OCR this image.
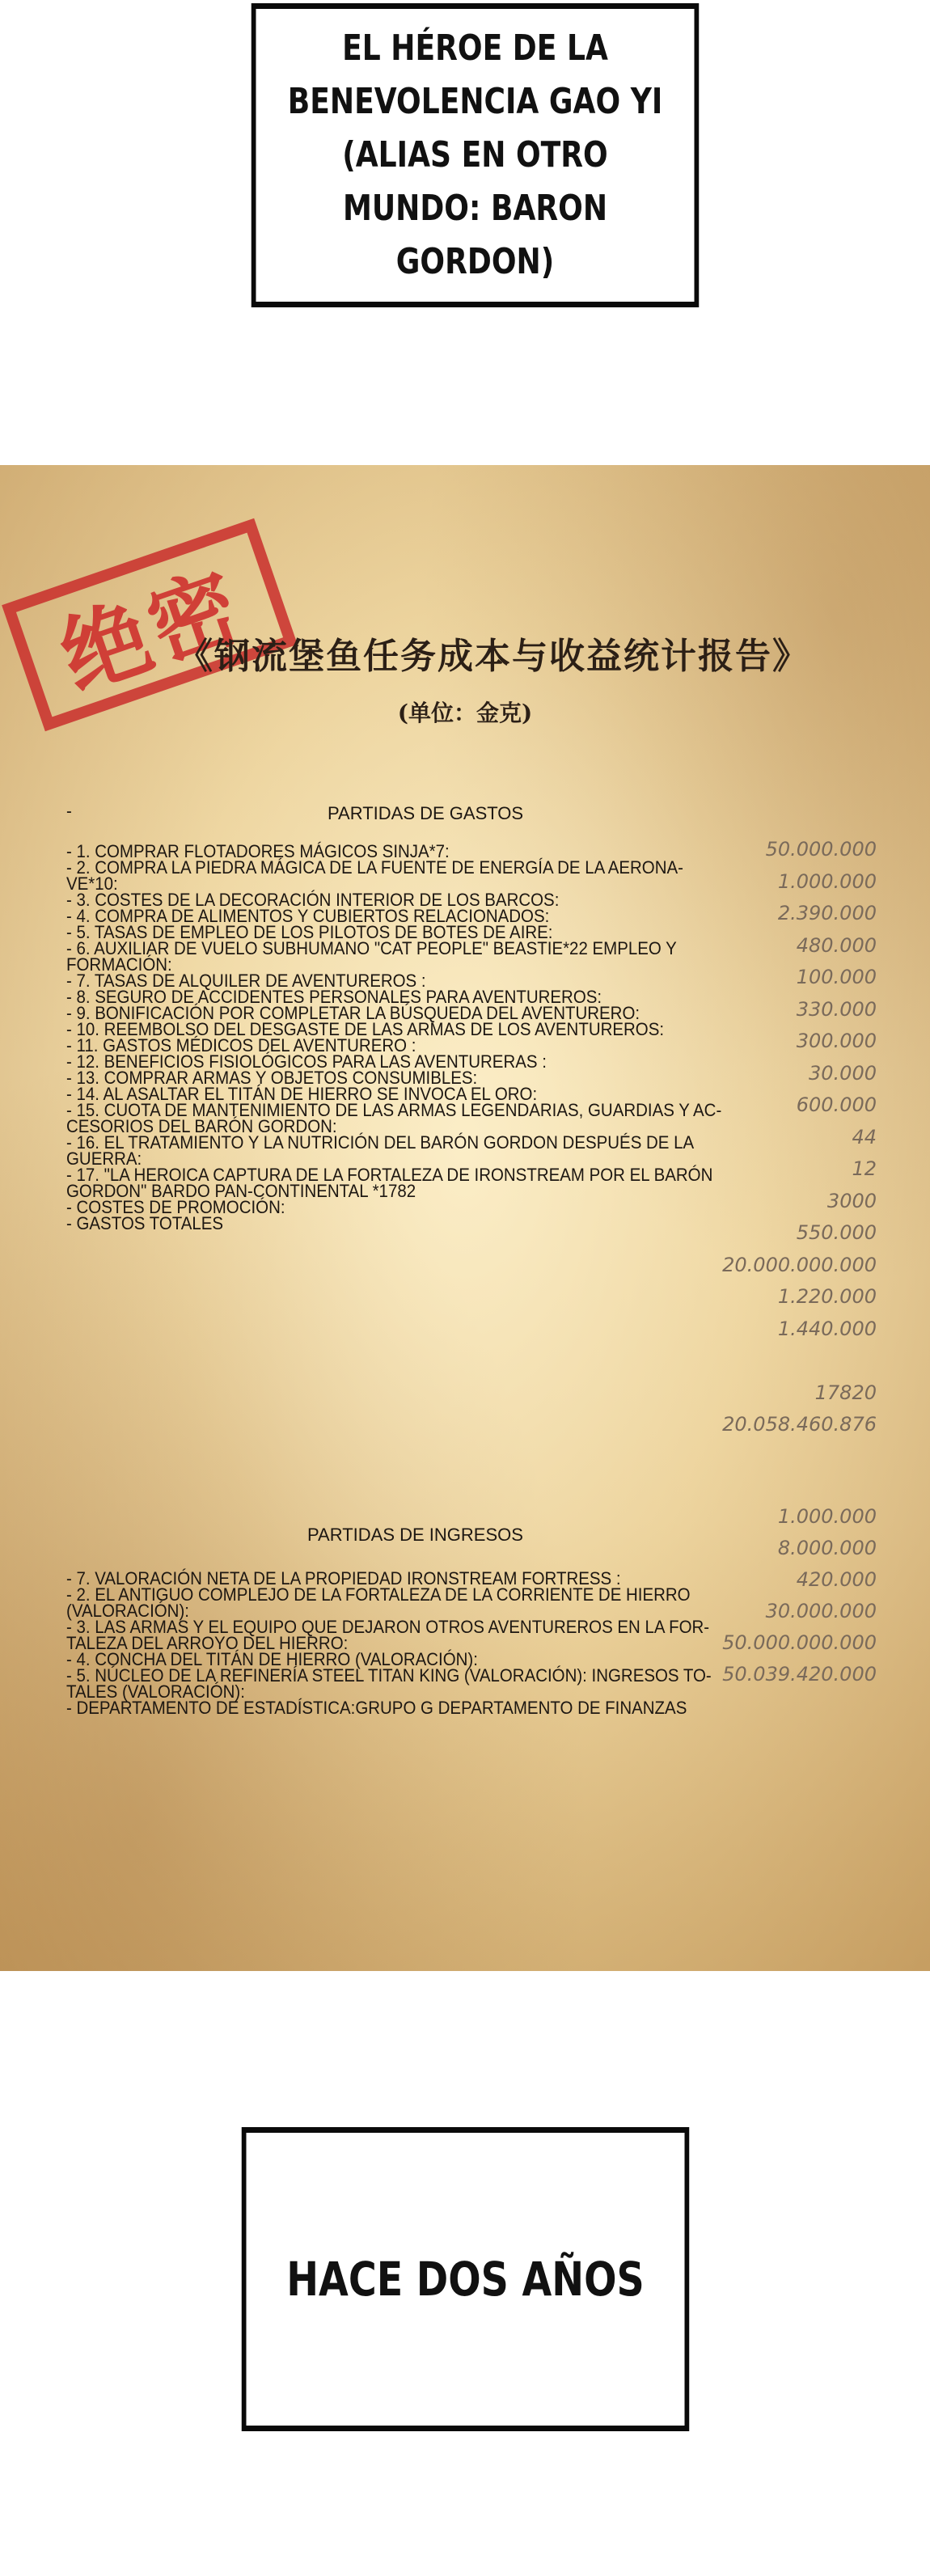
EL HÉROE DE LA BENEVOLENCIA GAO YI
(ALIAS EN OTRO MUNDO: BARON
GORDON)
绝密
《钢流堡鱼任务成本与收益统计报告》
(单位：金克)
PARTIDAS DE GASTOS
-
- 1. COMPRAR FLOTADORES MÁGICOS SINJA*7:
- 2. COMPRA LA PIEDRA MÁGICA DE LA FUENTE DE ENERGÍA DE LA AERONA-
VE*10:
- 3. COSTES DE LA DECORACIÓN INTERIOR DE LOS BARCOS:
- 4. COMPRA DE ALIMENTOS Y CUBIERTOS RELACIONADOS:
- 5. TASAS DE EMPLEO DE LOS PILOTOS DE BOTES DE AIRE:
- 6. AUXILIAR DE VUELO SUBHUMANO "CAT PEOPLE" BEASTIE*22 EMPLEO Y
FORMACIÓN:
- 7. TASAS DE ALQUILER DE AVENTUREROS :
- 8. SEGURO DE ACCIDENTES PERSONALES PARA AVENTUREROS:
- 9. BONIFICACIÓN POR COMPLETAR LA BÚSQUEDA DEL AVENTURERO:
- 10. REEMBOLSO DEL DESGASTE DE LAS ARMAS DE LOS AVENTUREROS:
- 11. GASTOS MÉDICOS DEL AVENTURERO :
- 12. BENEFICIOS FISIOLÓGICOS PARA LAS AVENTURERAS :
- 13. COMPRAR ARMAS Y OBJETOS CONSUMIBLES:
- 14. AL ASALTAR EL TITÁN DE HIERRO SE INVOCA EL ORO:
- 15. CUOTA DE MANTENIMIENTO DE LAS ARMAS LEGENDARIAS, GUARDIAS Y AC-
CESORIOS DEL BARÓN GORDON:
- 16. EL TRATAMIENTO Y LA NUTRICIÓN DEL BARÓN GORDON DESPUÉS DE LA
GUERRA:
- 17. "LA HEROICA CAPTURA DE LA FORTALEZA DE IRONSTREAM POR EL BARÓN
GORDON" BARDO PAN-CONTINENTAL *1782
- COSTES DE PROMOCIÓN:
- GASTOS TOTALES
50.000.000
1.000.000
2.390.000
480.000
100.000
330.000
300.000
30.000
600.000
44
12
3000
550.000
20.000.000.000
1.220.000
1.440.000
17820
20.058.460.876
PARTIDAS DE INGRESOS
- 7. VALORACIÓN NETA DE LA PROPIEDAD IRONSTREAM FORTRESS :
- 2. EL ANTIGUO COMPLEJO DE LA FORTALEZA DE LA CORRIENTE DE HIERRO
(VALORACIÓN):
- 3. LAS ARMAS Y EL EQUIPO QUE DEJARON OTROS AVENTUREROS EN LA FOR-
TALEZA DEL ARROYO DEL HIERRO:
- 4. CONCHA DEL TITÁN DE HIERRO (VALORACIÓN):
- 5. NÚCLEO DE LA REFINERÍA STEEL TITAN KING (VALORACIÓN): INGRESOS TO-
TALES (VALORACIÓN):
- DEPARTAMENTO DE ESTADÍSTICA:GRUPO G DEPARTAMENTO DE FINANZAS
1.000.000
8.000.000
420.000
30.000.000
50.000.000.000
50.039.420.000
HACE DOS AÑOS
